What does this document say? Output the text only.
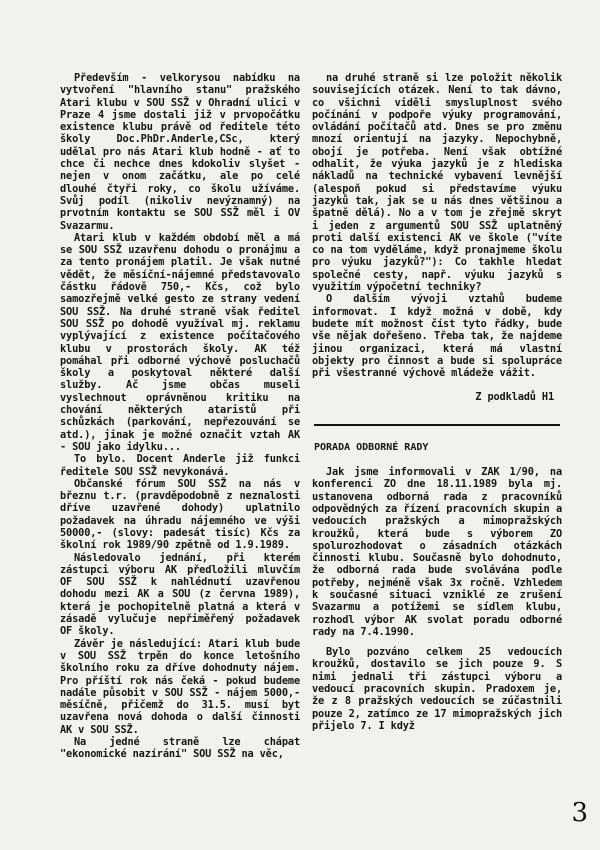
Především - velkorysou nabídku na vytvoření "hlavního stanu" pražského Atari klubu v SOU SSŽ v Ohradní ulici v Praze 4 jsme dostali již v prvopočátku existence klubu právě od ředitele této školy Doc.PhDr.Anderle,CSc, který udělal pro nás Atari klub hodně - ať to chce či nechce dnes kdokoliv slyšet - nejen v onom začátku, ale po celé dlouhé čtyři roky, co školu užíváme. Svůj podíl (nikoliv nevýznamný) na prvotním kontaktu se SOU SSŽ měl i OV Svazarmu.

Atari klub v každém období měl a má se SOU SSŽ uzavřenu dohodu o pronájmu a za tento pronájem platil. Je však nutné vědět, že měsíční-nájemné představovalo částku řádově 750,- Kčs, což bylo samozřejmě velké gesto ze strany vedení SOU SSŽ. Na druhé straně však ředitel SOU SSŽ po dohodě využíval mj. reklamu vyplývající z existence počítačového klubu v prostorách školy. AK též pomáhal při odborné výchově posluchačů školy a poskytoval některé další služby. Ač jsme občas museli vyslechnout oprávněnou kritiku na chování některých ataristů při schůzkách (parkování, nepřezouvání se atd.), jinak je možné označit vztah AK - SOU jako idylku...

To bylo. Docent Anderle již funkci ředitele SOU SSŽ nevykonává.

Občanské fórum SOU SSŽ na nás v březnu t.r. (pravděpodobně z neznalosti dříve uzavřené dohody) uplatnilo požadavek na úhradu nájemného ve výši 50000,- (slovy: padesát tisíc) Kčs za školní rok 1989/90 zpětně od 1.9.1989.

Následovalo jednání, při kterém zástupci výboru AK předložili mluvčím OF SOU SSŽ k nahlédnutí uzavřenou dohodu mezi AK a SOU (z června 1989), která je pochopitelně platná a která v zásadě vylučuje nepřiměřený požadavek OF školy.

Závěr je následující: Atari klub bude v SOU SSŽ trpěn do konce letošního školního roku za dříve dohodnuty nájem. Pro příští rok nás čeká - pokud budeme nadále působit v SOU SSŽ - nájem 5000,- měsíčně, přičemž do 31.5. musí byt uzavřena nová dohoda o další činnosti AK v SOU SSŽ.

Na jedné straně lze chápat "ekonomické nazírání" SOU SSŽ na věc,

na druhé straně si lze položit několik souvisejících otázek. Není to tak dávno, co všichni viděli smysluplnost svého počínání v podpoře výuky programování, ovládání počítačů atd. Dnes se pro změnu mnozí orientují na jazyky. Nepochybně, obojí je potřeba. Není však obtížné odhalit, že výuka jazyků je z hlediska nákladů na technické vybavení levnější (alespoň pokud si představíme výuku jazyků tak, jak se u nás dnes většinou a špatně dělá). No a v tom je zřejmě skryt i jeden z argumentů SOU SSŽ uplatněný proti další existenci AK ve škole ("víte co na tom vyděláme, když pronajmeme školu pro výuku jazyků?"): Co takhle hledat společné cesty, např. výuku jazyků s využitím výpočetní techniky?

O dalším vývoji vztahů budeme informovat. I když možná v době, kdy budete mít možnost číst tyto řádky, bude vše nějak dořešeno. Třeba tak, že najdeme jinou organizaci, která má vlastní objekty pro činnost a bude si spolupráce při všestranné výchově mládeže vážit.

Z podkladů H1
PORADA ODBORNÉ RADY

Jak jsme informovali v ZAK 1/90, na konferenci ZO dne 18.11.1989 byla mj. ustanovena odborná rada z pracovníků odpovědných za řízení pracovních skupin a vedoucích pražských a mimopražských kroužků, která bude s výborem ZO spolurozhodovat o zásadních otázkách činnosti klubu. Současně bylo dohodnuto, že odborná rada bude svolávána podle potřeby, nejméně však 3x ročně. Vzhledem k současné situaci vzniklé ze zrušení Svazarmu a potížemi se sídlem klubu, rozhodl výbor AK svolat poradu odborné rady na 7.4.1990.

Bylo pozváno celkem 25 vedoucích kroužků, dostavilo se jich pouze 9. S nimi jednali tři zástupci výboru a vedoucí pracovních skupin. Pradoxem je, že z 8 pražských vedoucích se zúčastnili pouze 2, zatímco ze 17 mimopražských jich přijelo 7. I když

3
